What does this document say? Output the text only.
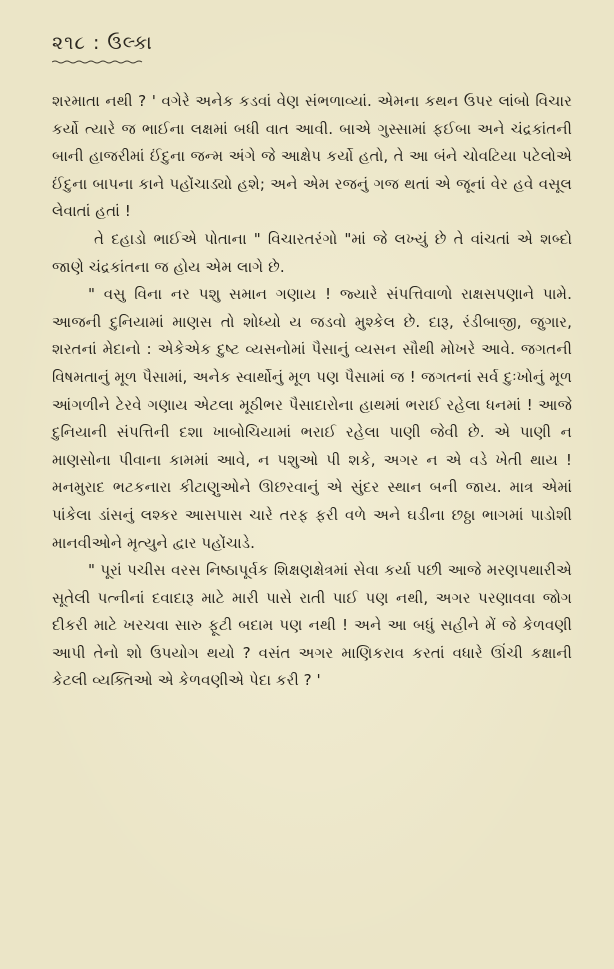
૨૧૮ : ઉલ્કા

શરમાતા નથી ? ' વગેરે અનેક કડવાં વેણ સંભળાવ્યાં. એમના કથન ઉપર લાંબો વિચાર કર્યો ત્યારે જ ભાઈના લક્ષમાં બધી વાત આવી. બાએ ગુસ્સામાં ફઈબા અને ચંદ્રકાંતની બાની હાજરીમાં ઈંદુના જન્મ અંગે જે આક્ષેપ કર્યો હતો, તે આ બંને ચોવટિયા પટેલોએ ઈંદુના બાપના કાને પહોંચાડ્યો હશે; અને એમ રજનું ગજ થતાં એ જૂનાં વેર હવે વસૂલ લેવાતાં હતાં !

તે દહાડો ભાઈએ પોતાના " વિચારતરંગો "માં જે લખ્યું છે તે વાંચતાં એ શબ્દો જાણે ચંદ્રકાંતના જ હોય એમ લાગે છે.

" વસુ વિના નર પશુ સમાન ગણાય ! જ્યારે સંપત્તિવાળો રાક્ષસપણાને પામે. આજની દુનિયામાં માણસ તો શોધ્યો ય જડવો મુશ્કેલ છે. દારૂ, રંડીબાજી, જુગાર, શરતનાં મેદાનો : એકેએક દુષ્ટ વ્યસનોમાં પૈસાનું વ્યસન સૌથી મોખરે આવે. જગતની વિષમતાનું મૂળ પૈસામાં, અનેક સ્વાર્થોનું મૂળ પણ પૈસામાં જ ! જગતનાં સર્વ દુઃખોનું મૂળ આંગળીને ટેરવે ગણાય એટલા મૂઠીભર પૈસાદારોના હાથમાં ભરાઈ રહેલા ધનમાં ! આજે દુનિયાની સંપત્તિની દશા ખાબોચિયામાં ભરાઈ રહેલા પાણી જેવી છે. એ પાણી ન માણસોના પીવાના કામમાં આવે, ન પશુઓ પી શકે, અગર ન એ વડે ખેતી થાય ! મનમુરાદ ભટકનારા કીટાણુઓને ઊછરવાનું એ સુંદર સ્થાન બની જાય. માત્ર એમાં પાંકેલા ડાંસનું લશ્કર આસપાસ ચારે તરફ ફરી વળે અને ઘડીના છઠ્ઠા ભાગમાં પાડોશી માનવીઓને મૃત્યુને દ્વાર પહોંચાડે.

" પૂરાં પચીસ વરસ નિષ્ઠાપૂર્વક શિક્ષણક્ષેત્રમાં સેવા કર્યા પછી આજે મરણપથારીએ સૂતેલી પત્નીનાં દવાદારૂ માટે મારી પાસે રાતી પાઈ પણ નથી, અગર પરણાવવા જોગ દીકરી માટે ખરચવા સારુ ફૂટી બદામ પણ નથી ! અને આ બધું સહીને મેં જે કેળવણી આપી તેનો શો ઉપયોગ થયો ? વસંત અગર માણિકરાવ કરતાં વધારે ઊંચી કક્ષાની કેટલી વ્યક્તિઓ એ કેળવણીએ પેદા કરી ? '
